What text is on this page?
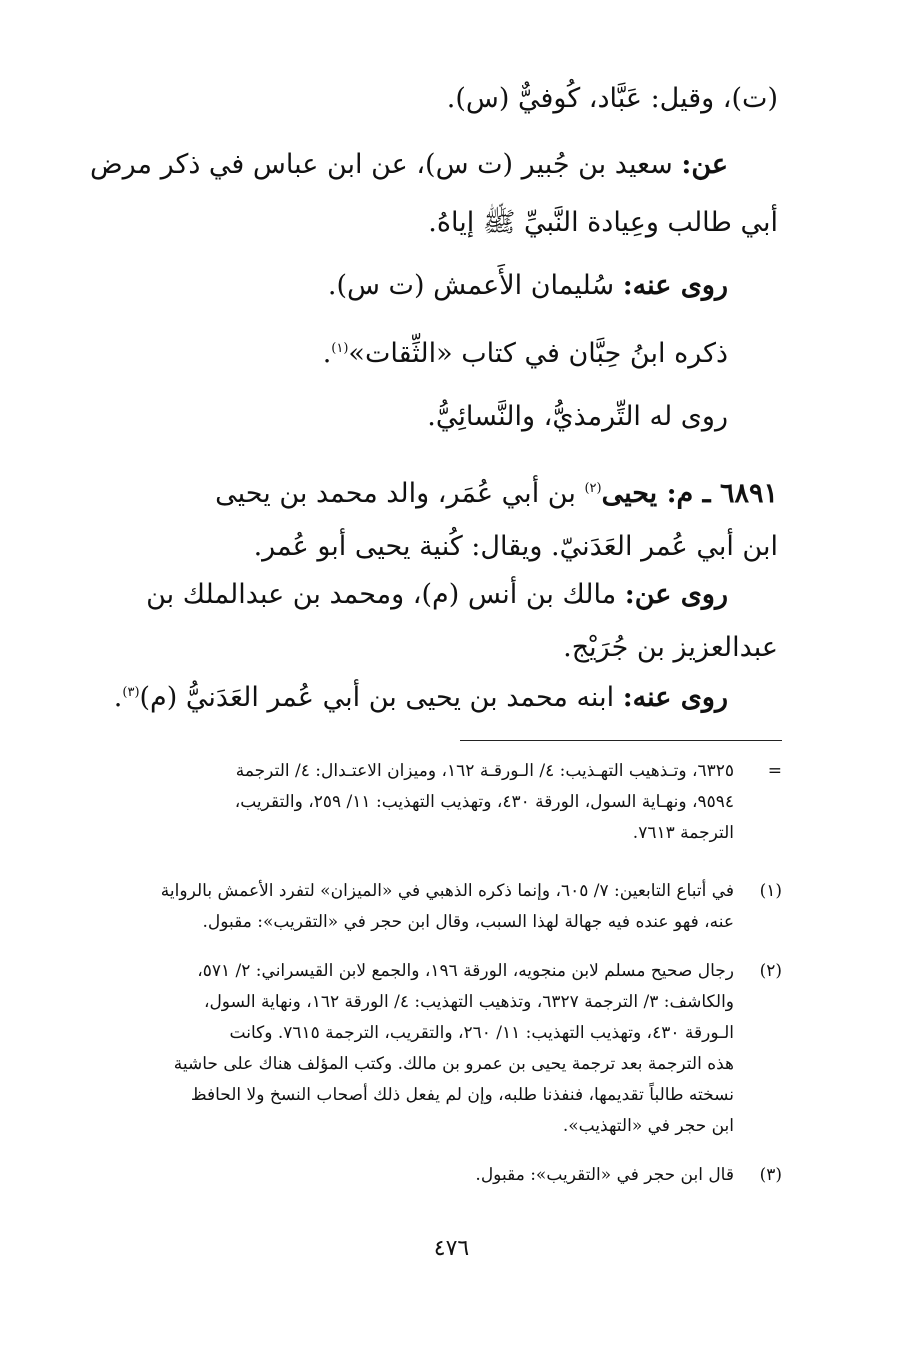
(ت)، وقيل: عَبَّاد، كُوفيٌّ (س).
عن: سعيد بن جُبير (ت س)، عن ابن عباس في ذكر مرض
أبي طالب وعِيادة النَّبيِّ ﷺ إياهُ.
روى عنه: سُليمان الأَعمش (ت س).
ذكره ابنُ حِبَّان في كتاب «الثِّقات»$^{(١)}$.
روى له التِّرمذيُّ، والنَّسائِيُّ.
٦٨٩١ ـ م: يحيى$^{(٢)}$ بن أبي عُمَر، والد محمد بن يحيى
ابن أبي عُمر العَدَنيّ. ويقال: كُنية يحيى أبو عُمر.
روى عن: مالك بن أنس (م)، ومحمد بن عبدالملك بن
عبدالعزيز بن جُرَيْج.
روى عنه: ابنه محمد بن يحيى بن أبي عُمر العَدَنيُّ (م)$^{(٣)}$.
=
٦٣٢٥، وتـذهيب التهـذيب: ٤/ الـورقـة ١٦٢، وميزان الاعتـدال: ٤/ الترجمة
٩٥٩٤، ونهـاية السول، الورقة ٤٣٠، وتهذيب التهذيب: ١١/ ٢٥٩، والتقريب،
الترجمة ٧٦١٣.
(١)
في أتباع التابعين: ٧/ ٦٠٥، وإنما ذكره الذهبي في «الميزان» لتفرد الأعمش بالرواية
عنه، فهو عنده فيه جهالة لهذا السبب، وقال ابن حجر في «التقريب»: مقبول.
(٢)
رجال صحيح مسلم لابن منجويه، الورقة ١٩٦، والجمع لابن القيسراني: ٢/ ٥٧١،
والكاشف: ٣/ الترجمة ٦٣٢٧، وتذهيب التهذيب: ٤/ الورقة ١٦٢، ونهاية السول،
الـورقة ٤٣٠، وتهذيب التهذيب: ١١/ ٢٦٠، والتقريب، الترجمة ٧٦١٥. وكانت
هذه الترجمة بعد ترجمة يحيى بن عمرو بن مالك. وكتب المؤلف هناك على حاشية
نسخته طالباً تقديمها، فنفذنا طلبه، وإن لم يفعل ذلك أصحاب النسخ ولا الحافظ
ابن حجر في «التهذيب».
(٣)
قال ابن حجر في «التقريب»: مقبول.
٤٧٦
